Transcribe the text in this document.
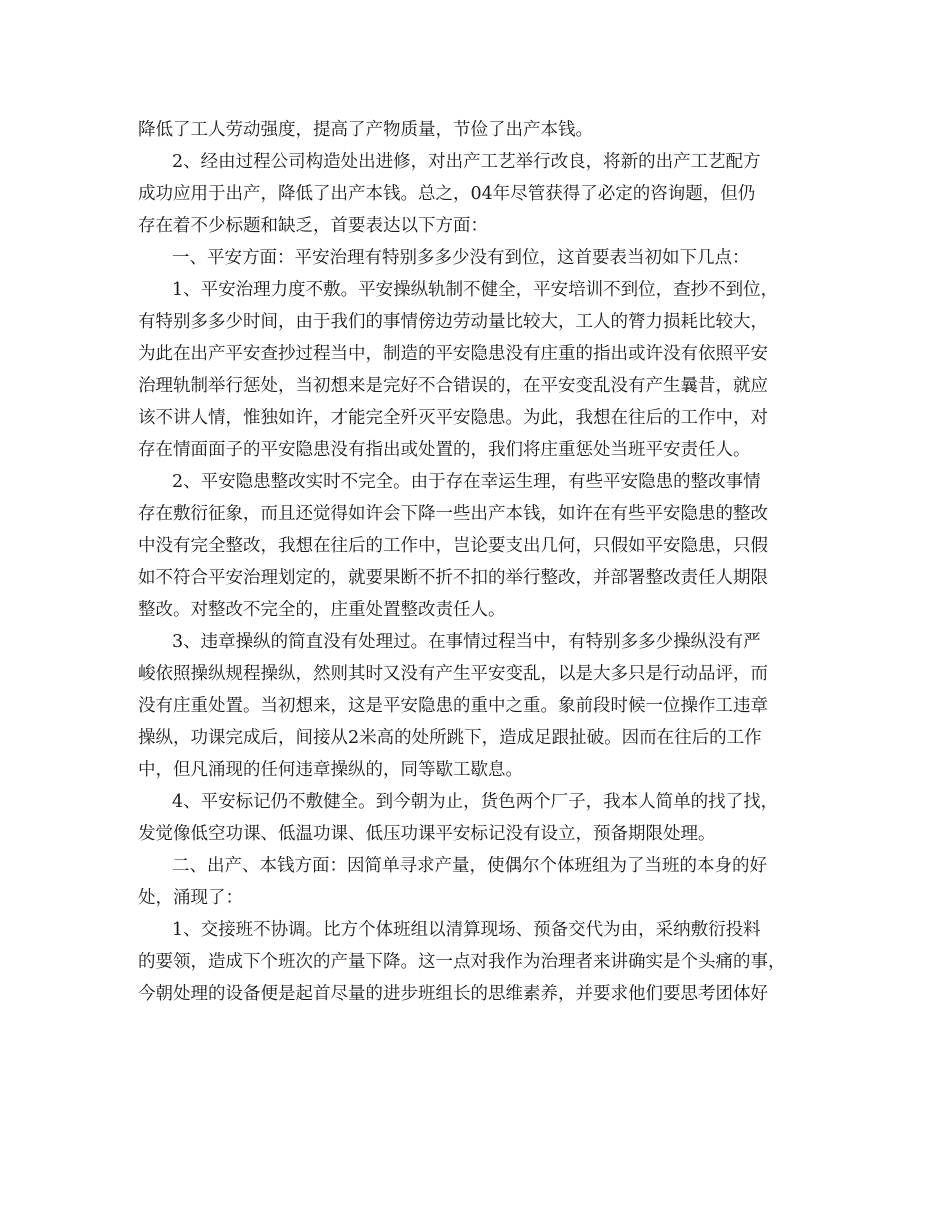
降低了工人劳动强度，提高了产物质量，节俭了出产本钱。
2、经由过程公司构造处出进修，对出产工艺举行改良，将新的出产工艺配方
成功应用于出产，降低了出产本钱。总之，04年尽管获得了必定的咨询题，但仍
存在着不少标题和缺乏，首要表达以下方面：
一、平安方面：平安治理有特别多多少没有到位，这首要表当初如下几点：
1、平安治理力度不敷。平安操纵轨制不健全，平安培训不到位，查抄不到位，
有特别多多少时间，由于我们的事情傍边劳动量比较大，工人的膂力损耗比较大，
为此在出产平安查抄过程当中，制造的平安隐患没有庄重的指出或许没有依照平安
治理轨制举行惩处，当初想来是完好不合错误的，在平安变乱没有产生曩昔，就应
该不讲人情，惟独如许，才能完全歼灭平安隐患。为此，我想在往后的工作中，对
存在情面面子的平安隐患没有指出或处置的，我们将庄重惩处当班平安责任人。
2、平安隐患整改实时不完全。由于存在幸运生理，有些平安隐患的整改事情
存在敷衍征象，而且还觉得如许会下降一些出产本钱，如许在有些平安隐患的整改
中没有完全整改，我想在往后的工作中，岂论要支出几何，只假如平安隐患，只假
如不符合平安治理划定的，就要果断不折不扣的举行整改，并部署整改责任人期限
整改。对整改不完全的，庄重处置整改责任人。
3、违章操纵的简直没有处理过。在事情过程当中，有特别多多少操纵没有严
峻依照操纵规程操纵，然则其时又没有产生平安变乱，以是大多只是行动品评，而
没有庄重处置。当初想来，这是平安隐患的重中之重。象前段时候一位操作工违章
操纵，功课完成后，间接从2米高的处所跳下，造成足跟扯破。因而在往后的工作
中，但凡涌现的任何违章操纵的，同等歇工歇息。
4、平安标记仍不敷健全。到今朝为止，货色两个厂子，我本人简单的找了找，
发觉像低空功课、低温功课、低压功课平安标记没有设立，预备期限处理。
二、出产、本钱方面：因简单寻求产量，使偶尔个体班组为了当班的本身的好
处，涌现了：
1、交接班不协调。比方个体班组以清算现场、预备交代为由，采纳敷衍投料
的要领，造成下个班次的产量下降。这一点对我作为治理者来讲确实是个头痛的事，
今朝处理的设备便是起首尽量的进步班组长的思维素养，并要求他们要思考团体好
